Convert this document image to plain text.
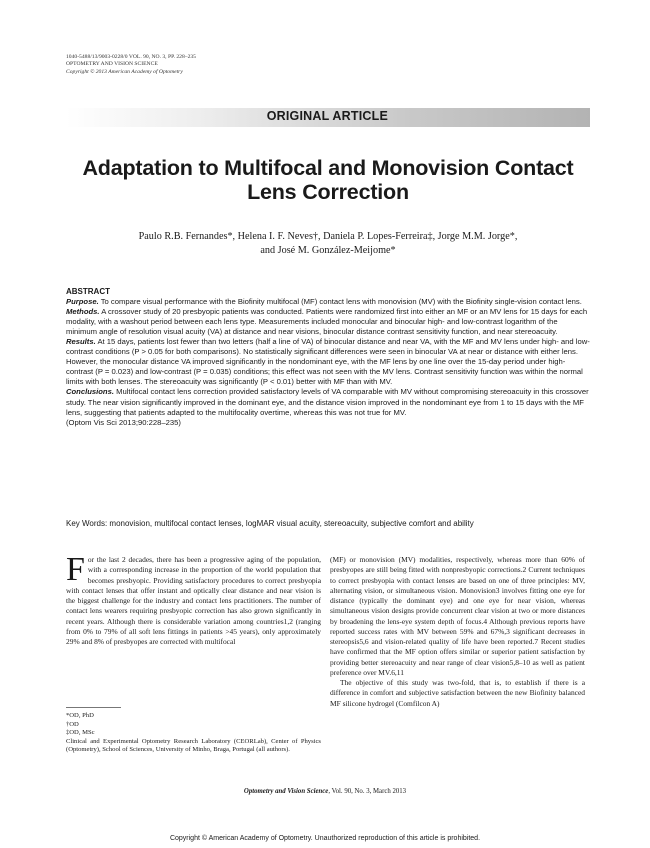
1040-5488/13/9003-0228/0 VOL. 90, NO. 3, PP. 228–235
OPTOMETRY AND VISION SCIENCE
Copyright © 2013 American Academy of Optometry
ORIGINAL ARTICLE
Adaptation to Multifocal and Monovision Contact Lens Correction
Paulo R.B. Fernandes*, Helena I. F. Neves†, Daniela P. Lopes-Ferreira‡, Jorge M.M. Jorge*,
and José M. González-Meijome*

ABSTRACT

Purpose. To compare visual performance with the Biofinity multifocal (MF) contact lens with monovision (MV) with the Biofinity single-vision contact lens.

Methods. A crossover study of 20 presbyopic patients was conducted. Patients were randomized first into either an MF or an MV lens for 15 days for each modality, with a washout period between each lens type. Measurements included monocular and binocular high- and low-contrast logarithm of the minimum angle of resolution visual acuity (VA) at distance and near visions, binocular distance contrast sensitivity function, and near stereoacuity.

Results. At 15 days, patients lost fewer than two letters (half a line of VA) of binocular distance and near VA, with the MF and MV lens under high- and low-contrast conditions (P > 0.05 for both comparisons). No statistically significant differences were seen in binocular VA at near or distance with either lens. However, the monocular distance VA improved significantly in the nondominant eye, with the MF lens by one line over the 15-day period under high-contrast (P = 0.023) and low-contrast (P = 0.035) conditions; this effect was not seen with the MV lens. Contrast sensitivity function was within the normal limits with both lenses. The stereoacuity was significantly (P < 0.01) better with MF than with MV.

Conclusions. Multifocal contact lens correction provided satisfactory levels of VA comparable with MV without compromising stereoacuity in this crossover study. The near vision significantly improved in the dominant eye, and the distance vision improved in the nondominant eye from 1 to 15 days with the MF lens, suggesting that patients adapted to the multifocality overtime, whereas this was not true for MV.

(Optom Vis Sci 2013;90:228–235)

Key Words: monovision, multifocal contact lenses, logMAR visual acuity, stereoacuity, subjective comfort and ability

For the last 2 decades, there has been a progressive aging of the population, with a corresponding increase in the proportion of the world population that becomes presbyopic. Providing satisfactory procedures to correct presbyopia with contact lenses that offer instant and optically clear distance and near vision is the biggest challenge for the industry and contact lens practitioners. The number of contact lens wearers requiring presbyopic correction has also grown significantly in recent years. Although there is considerable variation among countries1,2 (ranging from 0% to 79% of all soft lens fittings in patients >45 years), only approximately 29% and 8% of presbyopes are corrected with multifocal

(MF) or monovision (MV) modalities, respectively, whereas more than 60% of presbyopes are still being fitted with nonpresbyopic corrections.2 Current techniques to correct presbyopia with contact lenses are based on one of three principles: MV, alternating vision, or simultaneous vision. Monovision3 involves fitting one eye for distance (typically the dominant eye) and one eye for near vision, whereas simultaneous vision designs provide concurrent clear vision at two or more distances by broadening the lens-eye system depth of focus.4 Although previous reports have reported success rates with MV between 59% and 67%,3 significant decreases in stereopsis5,6 and vision-related quality of life have been reported.7 Recent studies have confirmed that the MF option offers similar or superior patient satisfaction by providing better stereoacuity and near range of clear vision5,8–10 as well as patient preference over MV.6,11

The objective of this study was two-fold, that is, to establish if there is a difference in comfort and subjective satisfaction between the new Biofinity balanced MF silicone hydrogel (Comfilcon A)

*OD, PhD
†OD
‡OD, MSc
Clinical and Experimental Optometry Research Laboratory (CEORLab), Center of Physics (Optometry), School of Sciences, University of Minho, Braga, Portugal (all authors).
Optometry and Vision Science, Vol. 90, No. 3, March 2013
Copyright © American Academy of Optometry. Unauthorized reproduction of this article is prohibited.
